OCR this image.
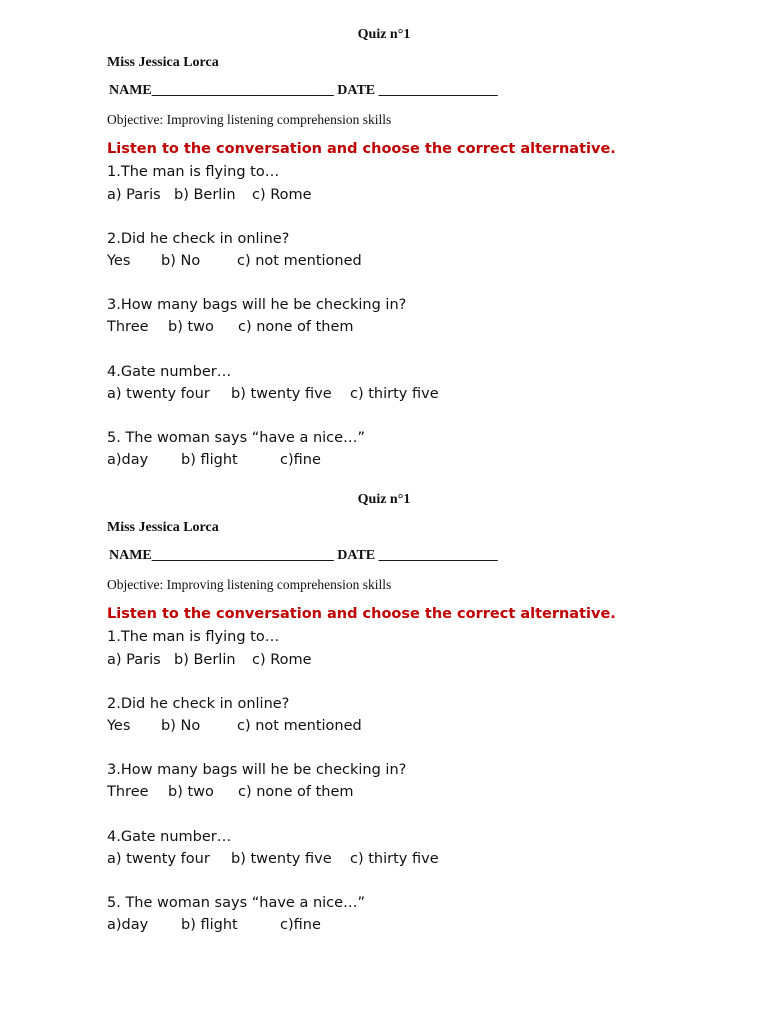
Quiz n°1
Miss Jessica Lorca
NAME__________________________ DATE _________________
Objective: Improving listening comprehension skills
Listen to the conversation and choose the correct alternative.
1.The man is flying to…
a) Paris b) Berlin c) Rome
2.Did he check in online?
Yes b) No	c) not mentioned
3.How many bags will he be checking in?
Three b) two c) none of them
4.Gate number…
a) twenty four b) twenty five c) thirty five
5. The woman says “have a nice…”
a)day b) flight	c)fine
Quiz n°1
Miss Jessica Lorca
NAME__________________________ DATE _________________
Objective: Improving listening comprehension skills
Listen to the conversation and choose the correct alternative.
1.The man is flying to…
a) Paris b) Berlin c) Rome
2.Did he check in online?
Yes b) No	c) not mentioned
3.How many bags will he be checking in?
Three b) two c) none of them
4.Gate number…
a) twenty four b) twenty five c) thirty five
5. The woman says “have a nice…”
a)day b) flight	c)fine
